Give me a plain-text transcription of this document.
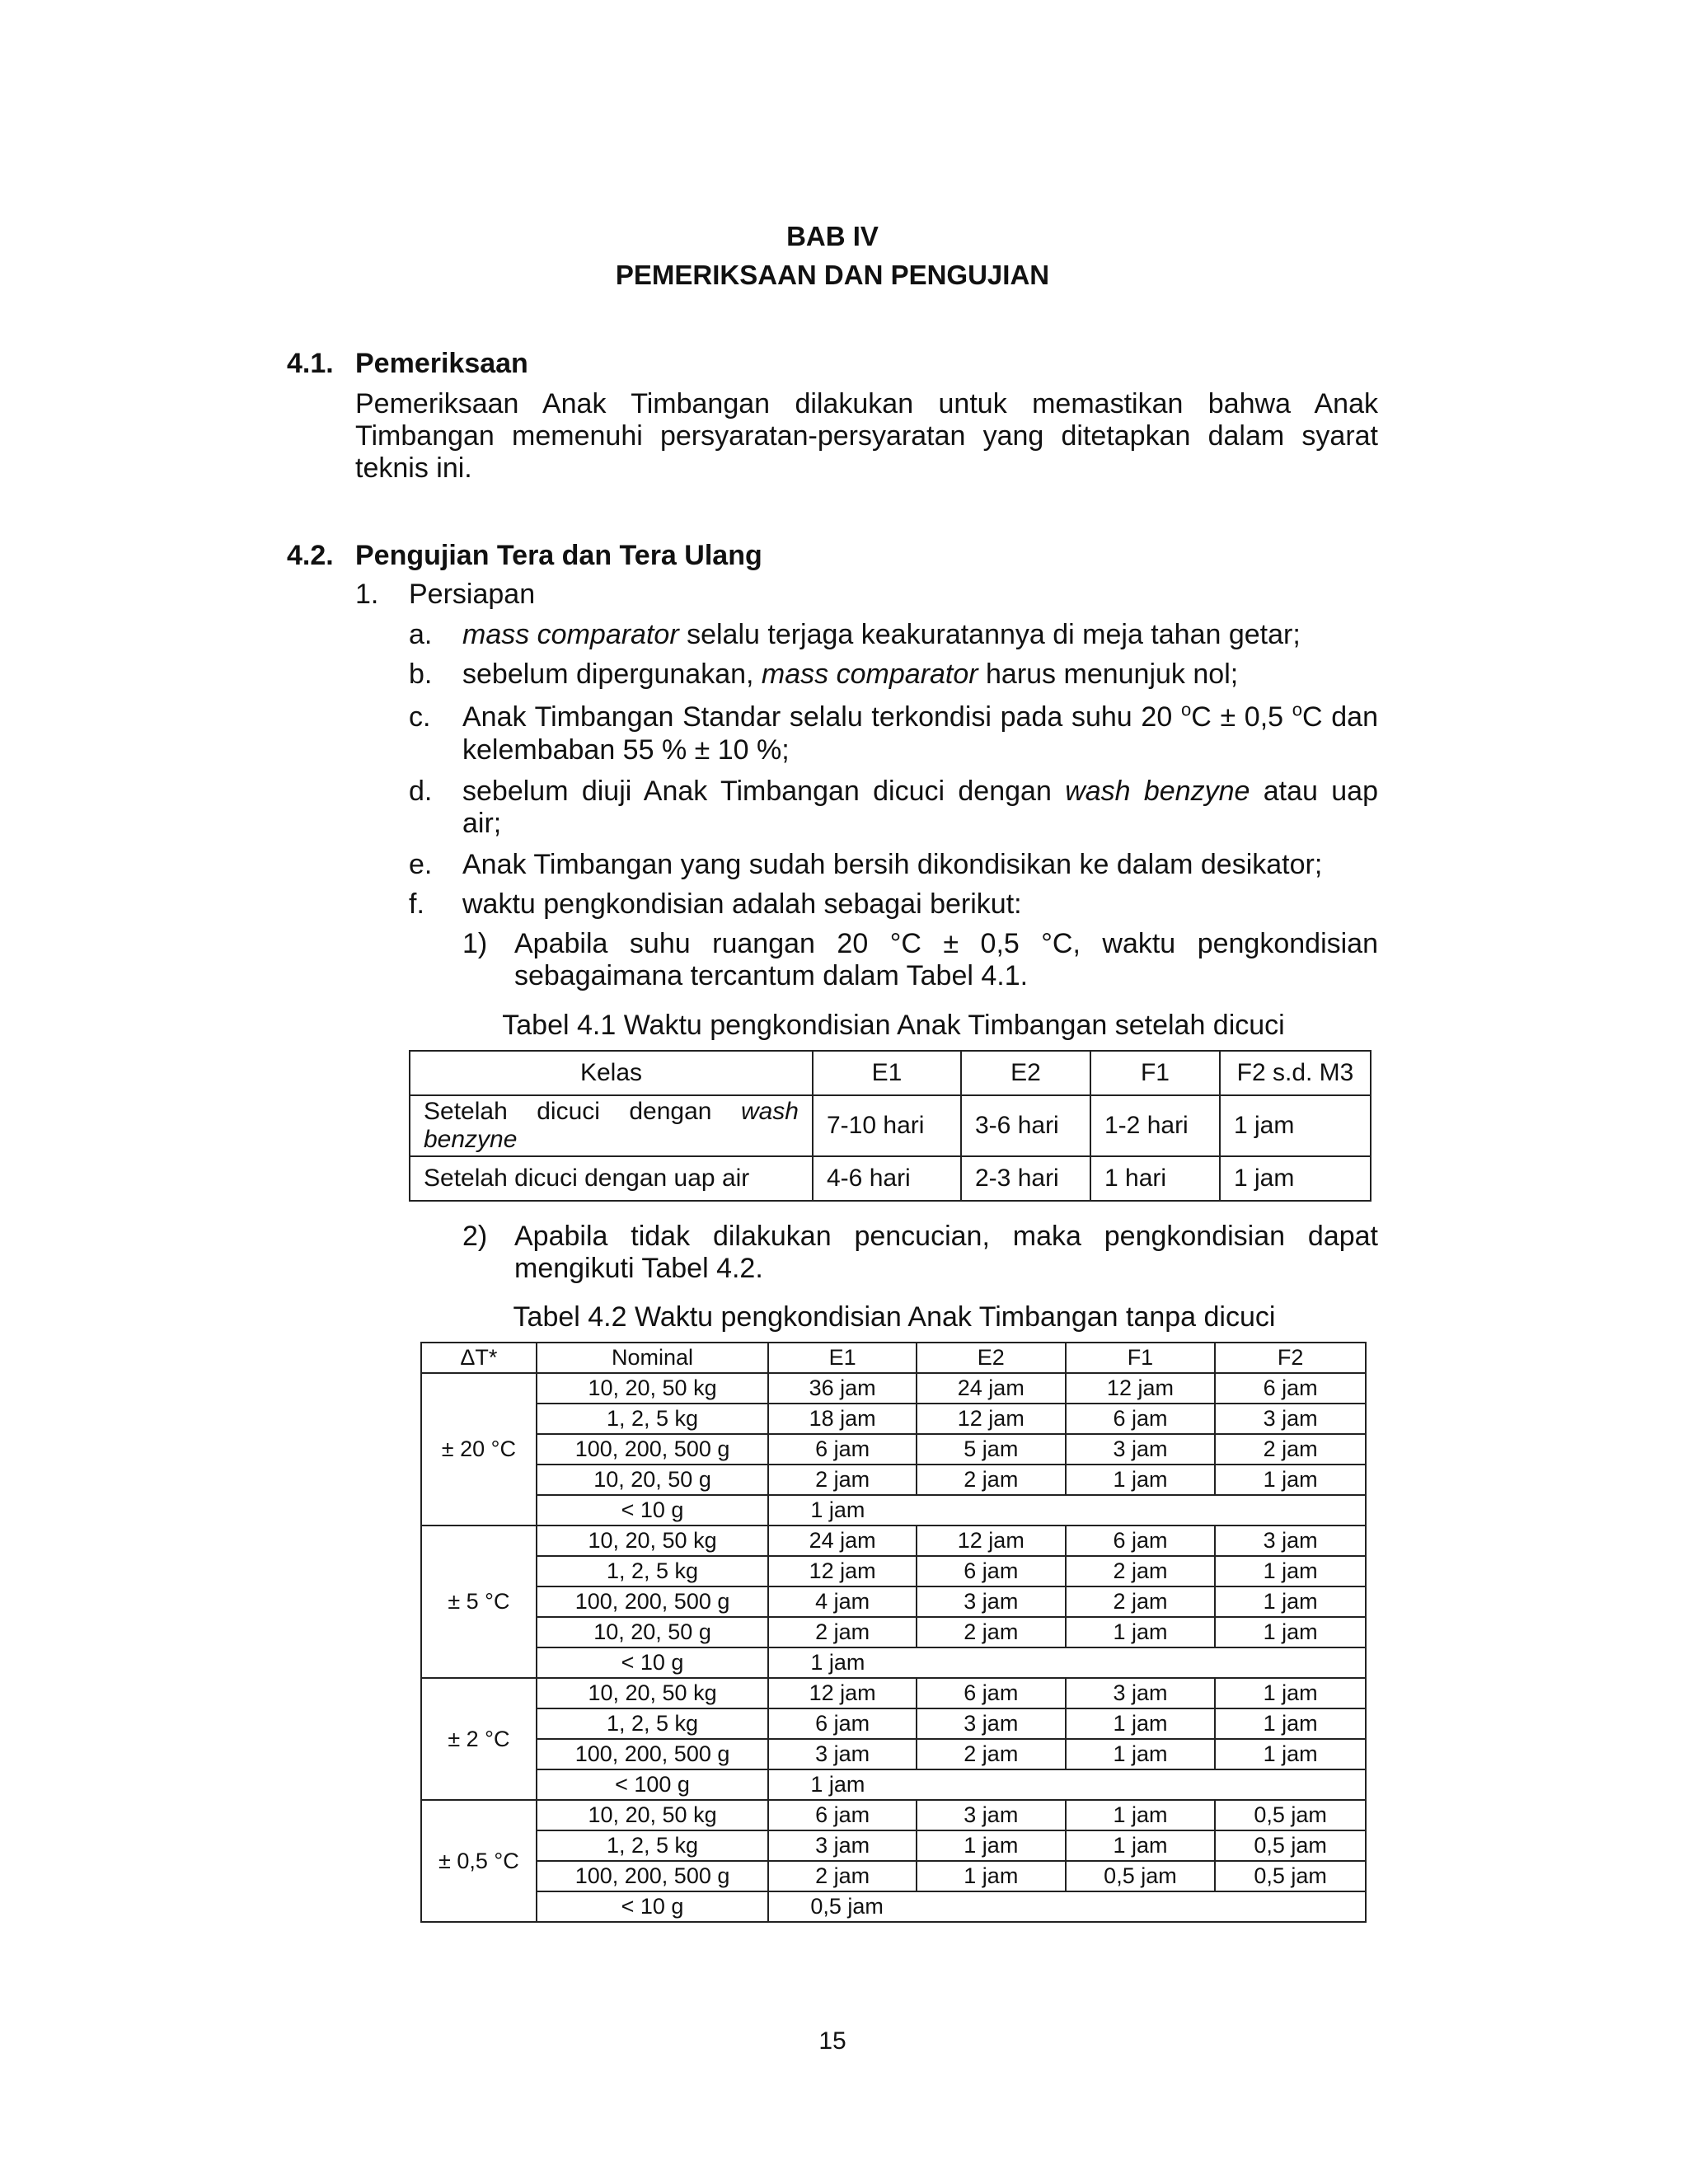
BAB IV
PEMERIKSAAN DAN PENGUJIAN
4.1. Pemeriksaan
Pemeriksaan Anak Timbangan dilakukan untuk memastikan bahwa Anak
Timbangan memenuhi persyaratan-persyaratan yang ditetapkan dalam syarat
teknis ini.
4.2. Pengujian Tera dan Tera Ulang
1. Persiapan
a. mass comparator selalu terjaga keakuratannya di meja tahan getar;
b. sebelum dipergunakan, mass comparator harus menunjuk nol;
c. Anak Timbangan Standar selalu terkondisi pada suhu 20 $^o$C ± 0,5 $^o$C dan
kelembaban 55 % ± 10 %;
d. sebelum diuji Anak Timbangan dicuci dengan wash benzyne atau uap
air;
e. Anak Timbangan yang sudah bersih dikondisikan ke dalam desikator;
f. waktu pengkondisian adalah sebagai berikut:
1) Apabila suhu ruangan 20 °C ± 0,5 °C, waktu pengkondisian
sebagaimana tercantum dalam Tabel 4.1.
Tabel 4.1 Waktu pengkondisian Anak Timbangan setelah dicuci
Kelas	E1	E2	F1	F2 s.d. M3

Setelah dicuci dengan wash
benzyne	7-10 hari	3-6 hari	1-2 hari	1 jam
Setelah dicuci dengan uap air	4-6 hari	2-3 hari	1 hari	1 jam
2) Apabila tidak dilakukan pencucian, maka pengkondisian dapat
mengikuti Tabel 4.2.
Tabel 4.2 Waktu pengkondisian Anak Timbangan tanpa dicuci
ΔT*	Nominal	E1	E2	F1	F2
± 20 °C	10, 20, 50 kg	36 jam	24 jam	12 jam	6 jam
	1, 2, 5 kg	18 jam	12 jam	6 jam	3 jam
	100, 200, 500 g	6 jam	5 jam	3 jam	2 jam
	10, 20, 50 g	2 jam	2 jam	1 jam	1 jam
	< 10 g	1 jam			
± 5 °C	10, 20, 50 kg	24 jam	12 jam	6 jam	3 jam
	1, 2, 5 kg	12 jam	6 jam	2 jam	1 jam
	100, 200, 500 g	4 jam	3 jam	2 jam	1 jam
	10, 20, 50 g	2 jam	2 jam	1 jam	1 jam
	< 10 g	1 jam			
± 2 °C	10, 20, 50 kg	12 jam	6 jam	3 jam	1 jam
	1, 2, 5 kg	6 jam	3 jam	1 jam	1 jam
	100, 200, 500 g	3 jam	2 jam	1 jam	1 jam
	< 100 g	1 jam			
± 0,5 °C	10, 20, 50 kg	6 jam	3 jam	1 jam	0,5 jam
	1, 2, 5 kg	3 jam	1 jam	1 jam	0,5 jam
	100, 200, 500 g	2 jam	1 jam	0,5 jam	0,5 jam
	< 10 g	0,5 jam			
15
